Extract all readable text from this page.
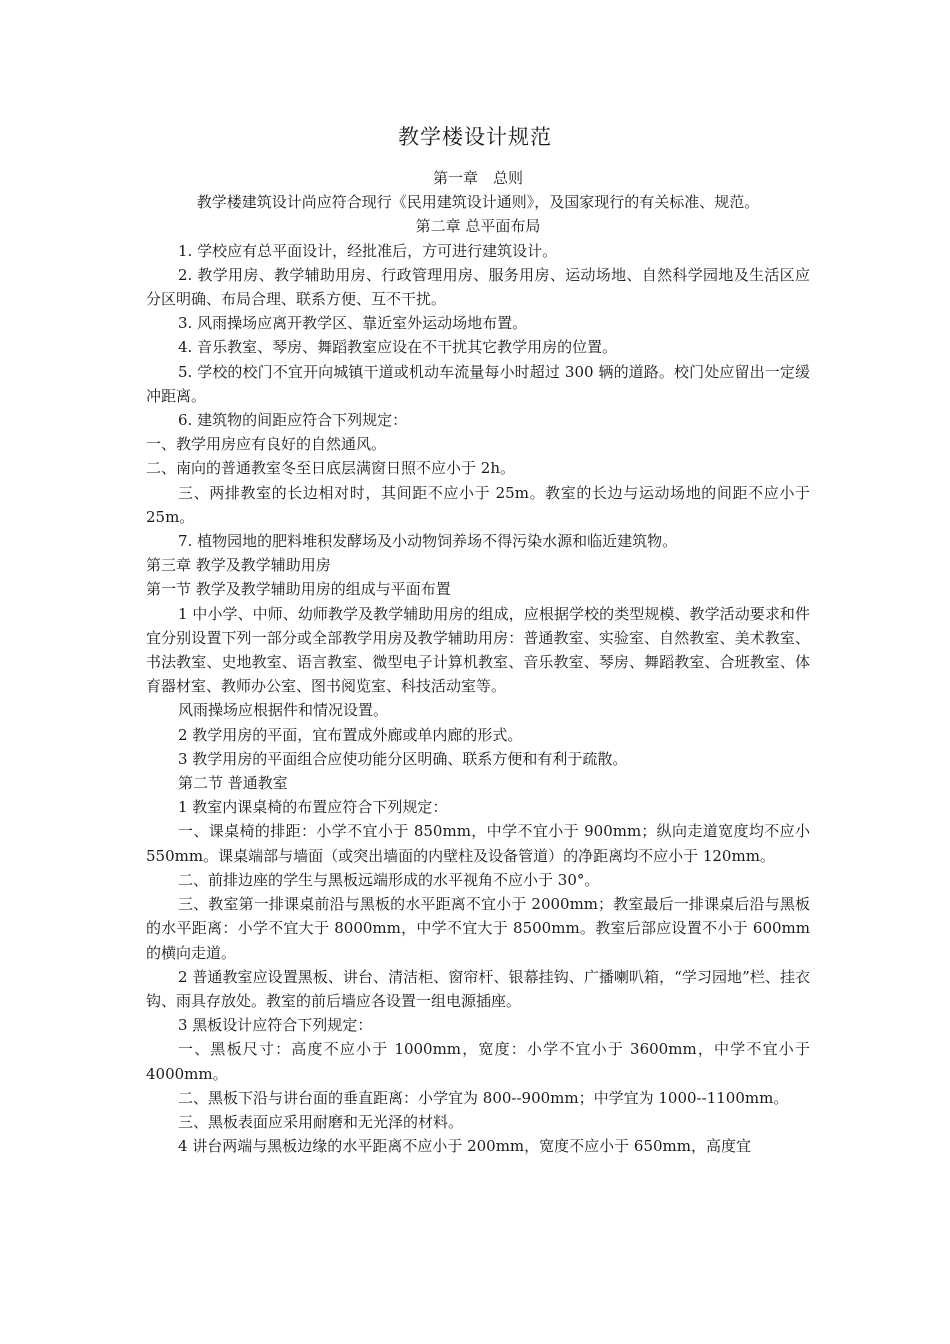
教学楼设计规范

第一章　总则

教学楼建筑设计尚应符合现行《民用建筑设计通则》，及国家现行的有关标准、规范。

第二章 总平面布局

1. 学校应有总平面设计，经批准后，方可进行建筑设计。

2. 教学用房、教学辅助用房、行政管理用房、服务用房、运动场地、自然科学园地及生活区应分区明确、布局合理、联系方便、互不干扰。

3. 风雨操场应离开教学区、靠近室外运动场地布置。

4. 音乐教室、琴房、舞蹈教室应设在不干扰其它教学用房的位置。

5. 学校的校门不宜开向城镇干道或机动车流量每小时超过 300 辆的道路。校门处应留出一定缓冲距离。

6. 建筑物的间距应符合下列规定：

一、教学用房应有良好的自然通风。

二、南向的普通教室冬至日底层满窗日照不应小于 2h。

三、两排教室的长边相对时，其间距不应小于 25m。教室的长边与运动场地的间距不应小于 25m。

7. 植物园地的肥料堆积发酵场及小动物饲养场不得污染水源和临近建筑物。

第三章 教学及教学辅助用房

第一节 教学及教学辅助用房的组成与平面布置

1 中小学、中师、幼师教学及教学辅助用房的组成，应根据学校的类型规模、教学活动要求和件宜分别设置下列一部分或全部教学用房及教学辅助用房：普通教室、实验室、自然教室、美术教室、书法教室、史地教室、语言教室、微型电子计算机教室、音乐教室、琴房、舞蹈教室、合班教室、体育器材室、教师办公室、图书阅览室、科技活动室等。

风雨操场应根据件和情况设置。

2 教学用房的平面，宜布置成外廊或单内廊的形式。

3 教学用房的平面组合应使功能分区明确、联系方便和有利于疏散。

第二节 普通教室

1 教室内课桌椅的布置应符合下列规定：

一、课桌椅的排距：小学不宜小于 850mm，中学不宜小于 900mm；纵向走道宽度均不应小 550mm。课桌端部与墙面（或突出墙面的内壁柱及设备管道）的净距离均不应小于 120mm。

二、前排边座的学生与黑板远端形成的水平视角不应小于 30°。

三、教室第一排课桌前沿与黑板的水平距离不宜小于 2000mm；教室最后一排课桌后沿与黑板的水平距离：小学不宜大于 8000mm，中学不宜大于 8500mm。教室后部应设置不小于 600mm 的横向走道。

2 普通教室应设置黑板、讲台、清洁柜、窗帘杆、银幕挂钩、广播喇叭箱，“学习园地”栏、挂衣钩、雨具存放处。教室的前后墙应各设置一组电源插座。

3 黑板设计应符合下列规定：

一、黑板尺寸：高度不应小于 1000mm，宽度：小学不宜小于 3600mm，中学不宜小于 4000mm。

二、黑板下沿与讲台面的垂直距离：小学宜为 800--900mm；中学宜为 1000--1100mm。

三、黑板表面应采用耐磨和无光泽的材料。

4 讲台两端与黑板边缘的水平距离不应小于 200mm，宽度不应小于 650mm，高度宜
